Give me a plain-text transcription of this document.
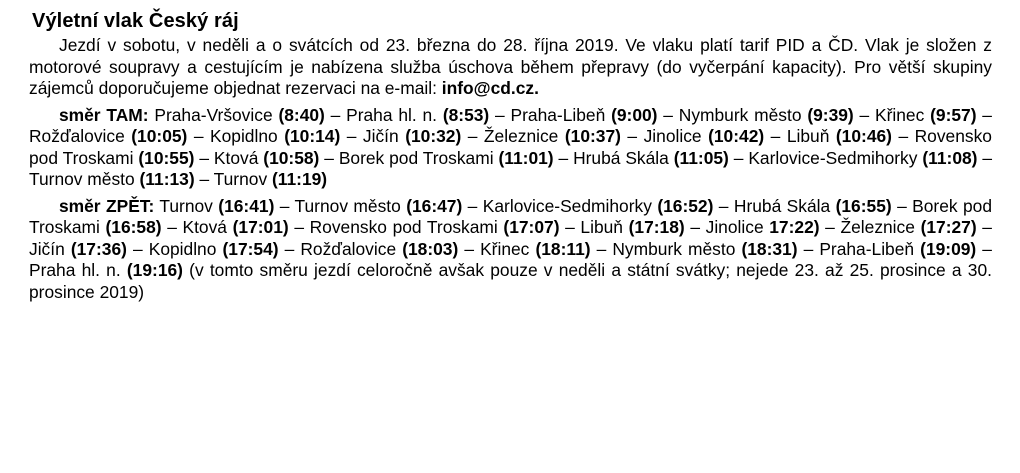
Výletní vlak Český ráj

Jezdí v sobotu, v neděli a o svátcích od 23. března do 28. října 2019. Ve vlaku platí tarif PID a ČD. Vlak je složen z motorové soupravy a cestujícím je nabízena služba úschova během přepravy (do vyčerpání kapacity). Pro větší skupiny zájemců doporučujeme objednat rezervaci na e-mail: info@cd.cz.

směr TAM: Praha-Vršovice (8:40) – Praha hl. n. (8:53) – Praha-Libeň (9:00) – Nymburk město (9:39) – Křinec (9:57) – Rožďalovice (10:05) – Kopidlno (10:14) – Jičín (10:32) – Železnice (10:37) – Jinolice (10:42) – Libuň (10:46) – Rovensko pod Troskami (10:55) – Ktová (10:58) – Borek pod Troskami (11:01) – Hrubá Skála (11:05) – Karlovice-Sedmihorky (11:08) – Turnov město (11:13) – Turnov (11:19)

směr ZPĚT: Turnov (16:41) – Turnov město (16:47) – Karlovice-Sedmihorky (16:52) – Hrubá Skála (16:55) – Borek pod Troskami (16:58) – Ktová (17:01) – Rovensko pod Troskami (17:07) – Libuň (17:18) – Jinolice 17:22) – Železnice (17:27) – Jičín (17:36) – Kopidlno (17:54) – Rožďalovice (18:03) – Křinec (18:11) – Nymburk město (18:31) – Praha-Libeň (19:09) – Praha hl. n. (19:16) (v tomto směru jezdí celoročně avšak pouze v neděli a státní svátky; nejede 23. až 25. prosince a 30. prosince 2019)
